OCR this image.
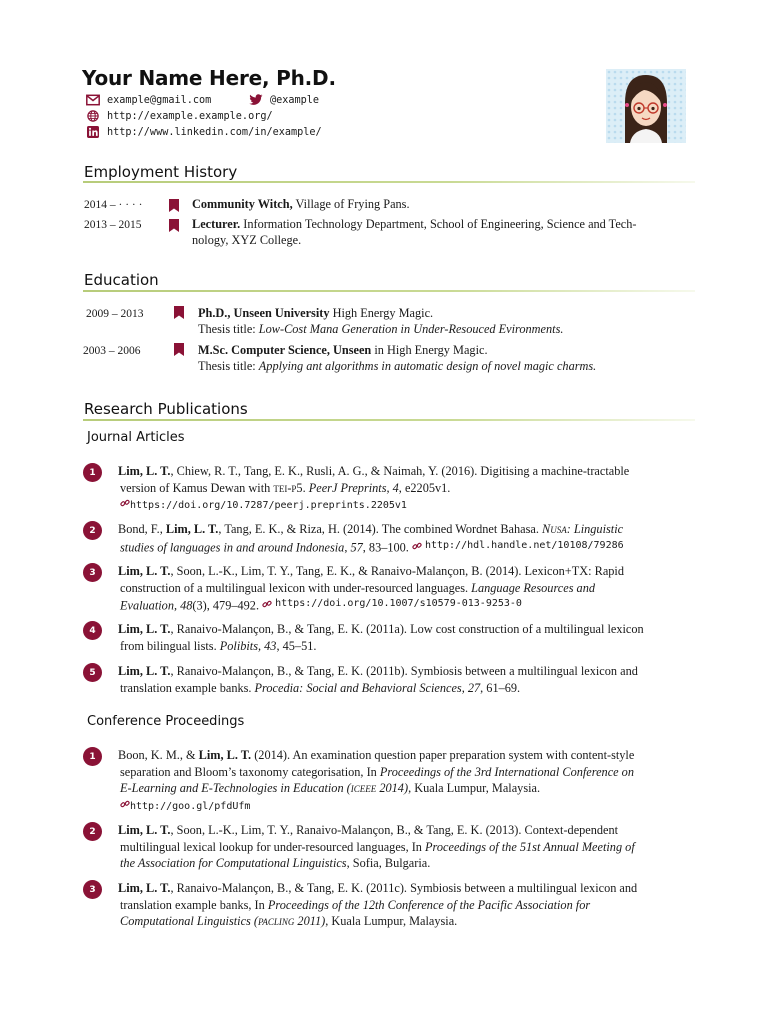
Your Name Here, Ph.D.
example@gmail.com	@example
http://example.example.org/
http://www.linkedin.com/in/example/
Employment History
2014 – · · · ·	Community Witch, Village of Frying Pans.
2013 – 2015	Lecturer. Information Technology Department, School of Engineering, Science and Tech-
nology, XYZ College.
Education
2009 – 2013	Ph.D., Unseen University High Energy Magic.
Thesis title: Low-Cost Mana Generation in Under-Resouced Evironments.
2003 – 2006	M.Sc. Computer Science, Unseen in High Energy Magic.
Thesis title: Applying ant algorithms in automatic design of novel magic charms.
Research Publications
Journal Articles
1	Lim, L. T., Chiew, R. T., Tang, E. K., Rusli, A. G., & Naimah, Y. (2016). Digitising a machine-tractable

version of Kamus Dewan with tei-p5. PeerJ Preprints, 4, e2205v1.
https://doi.org/10.7287/peerj.preprints.2205v1
2	Bond, F., Lim, L. T., Tang, E. K., & Riza, H. (2014). The combined Wordnet Bahasa. Nusa: Linguistic

studies of languages in and around Indonesia, 57, 83–100. http://hdl.handle.net/10108/79286
3	Lim, L. T., Soon, L.-K., Lim, T. Y., Tang, E. K., & Ranaivo-Malançon, B. (2014). Lexicon+TX: Rapid

construction of a multilingual lexicon with under-resourced languages. Language Resources and
Evaluation, 48(3), 479–492. https://doi.org/10.1007/s10579-013-9253-0
4	Lim, L. T., Ranaivo-Malançon, B., & Tang, E. K. (2011a). Low cost construction of a multilingual lexicon

from bilingual lists. Polibits, 43, 45–51.
5	Lim, L. T., Ranaivo-Malançon, B., & Tang, E. K. (2011b). Symbiosis between a multilingual lexicon and

translation example banks. Procedia: Social and Behavioral Sciences, 27, 61–69.
Conference Proceedings
1	Boon, K. M., & Lim, L. T. (2014). An examination question paper preparation system with content-style

separation and Bloom’s taxonomy categorisation, In Proceedings of the 3rd International Conference on
E-Learning and E-Technologies in Education (iceee 2014), Kuala Lumpur, Malaysia.
http://goo.gl/pfdUfm
2	Lim, L. T., Soon, L.-K., Lim, T. Y., Ranaivo-Malançon, B., & Tang, E. K. (2013). Context-dependent

multilingual lexical lookup for under-resourced languages, In Proceedings of the 51st Annual Meeting of
the Association for Computational Linguistics, Sofia, Bulgaria.
3	Lim, L. T., Ranaivo-Malançon, B., & Tang, E. K. (2011c). Symbiosis between a multilingual lexicon and

translation example banks, In Proceedings of the 12th Conference of the Pacific Association for
Computational Linguistics (pacling 2011), Kuala Lumpur, Malaysia.
